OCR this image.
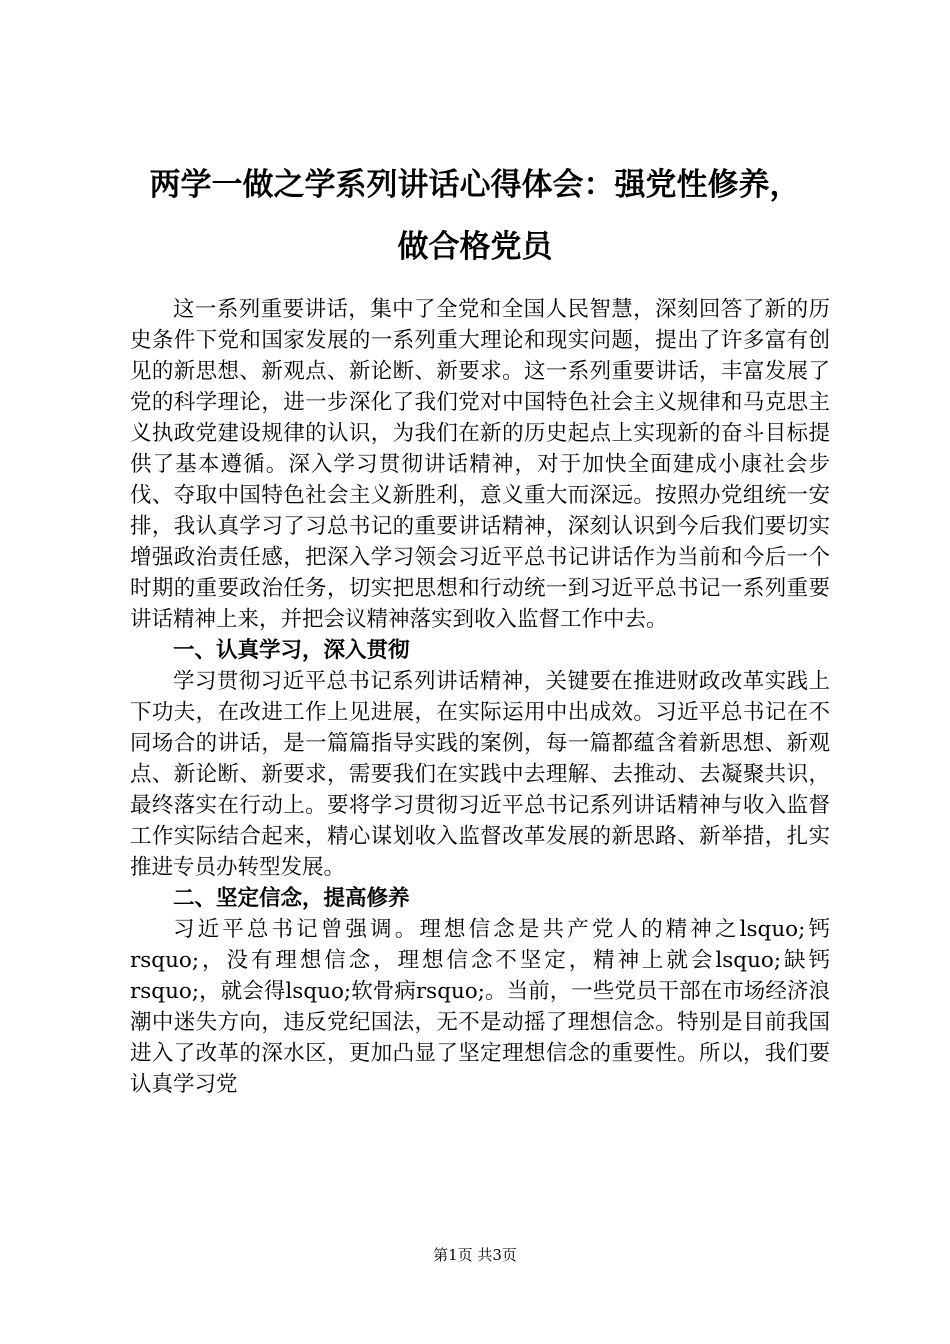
两学一做之学系列讲话心得体会：强党性修养，
做合格党员

这一系列重要讲话，集中了全党和全国人民智慧，深刻回答了新的历史条件下党和国家发展的一系列重大理论和现实问题，提出了许多富有创见的新思想、新观点、新论断、新要求。这一系列重要讲话，丰富发展了党的科学理论，进一步深化了我们党对中国特色社会主义规律和马克思主义执政党建设规律的认识，为我们在新的历史起点上实现新的奋斗目标提供了基本遵循。深入学习贯彻讲话精神，对于加快全面建成小康社会步伐、夺取中国特色社会主义新胜利，意义重大而深远。按照办党组统一安排，我认真学习了习总书记的重要讲话精神，深刻认识到今后我们要切实增强政治责任感，把深入学习领会习近平总书记讲话作为当前和今后一个时期的重要政治任务，切实把思想和行动统一到习近平总书记一系列重要讲话精神上来，并把会议精神落实到收入监督工作中去。

一、认真学习，深入贯彻

学习贯彻习近平总书记系列讲话精神，关键要在推进财政改革实践上下功夫，在改进工作上见进展，在实际运用中出成效。习近平总书记在不同场合的讲话，是一篇篇指导实践的案例，每一篇都蕴含着新思想、新观点、新论断、新要求，需要我们在实践中去理解、去推动、去凝聚共识，最终落实在行动上。要将学习贯彻习近平总书记系列讲话精神与收入监督工作实际结合起来，精心谋划收入监督改革发展的新思路、新举措，扎实推进专员办转型发展。

二、坚定信念，提高修养

习近平总书记曾强调。理想信念是共产党人的精神之lsquo;钙rsquo;，没有理想信念，理想信念不坚定，精神上就会lsquo;缺钙rsquo;，就会得lsquo;软骨病rsquo;。当前，一些党员干部在市场经济浪潮中迷失方向，违反党纪国法，无不是动摇了理想信念。特别是目前我国进入了改革的深水区，更加凸显了坚定理想信念的重要性。所以，我们要认真学习党

第1页 共3页
